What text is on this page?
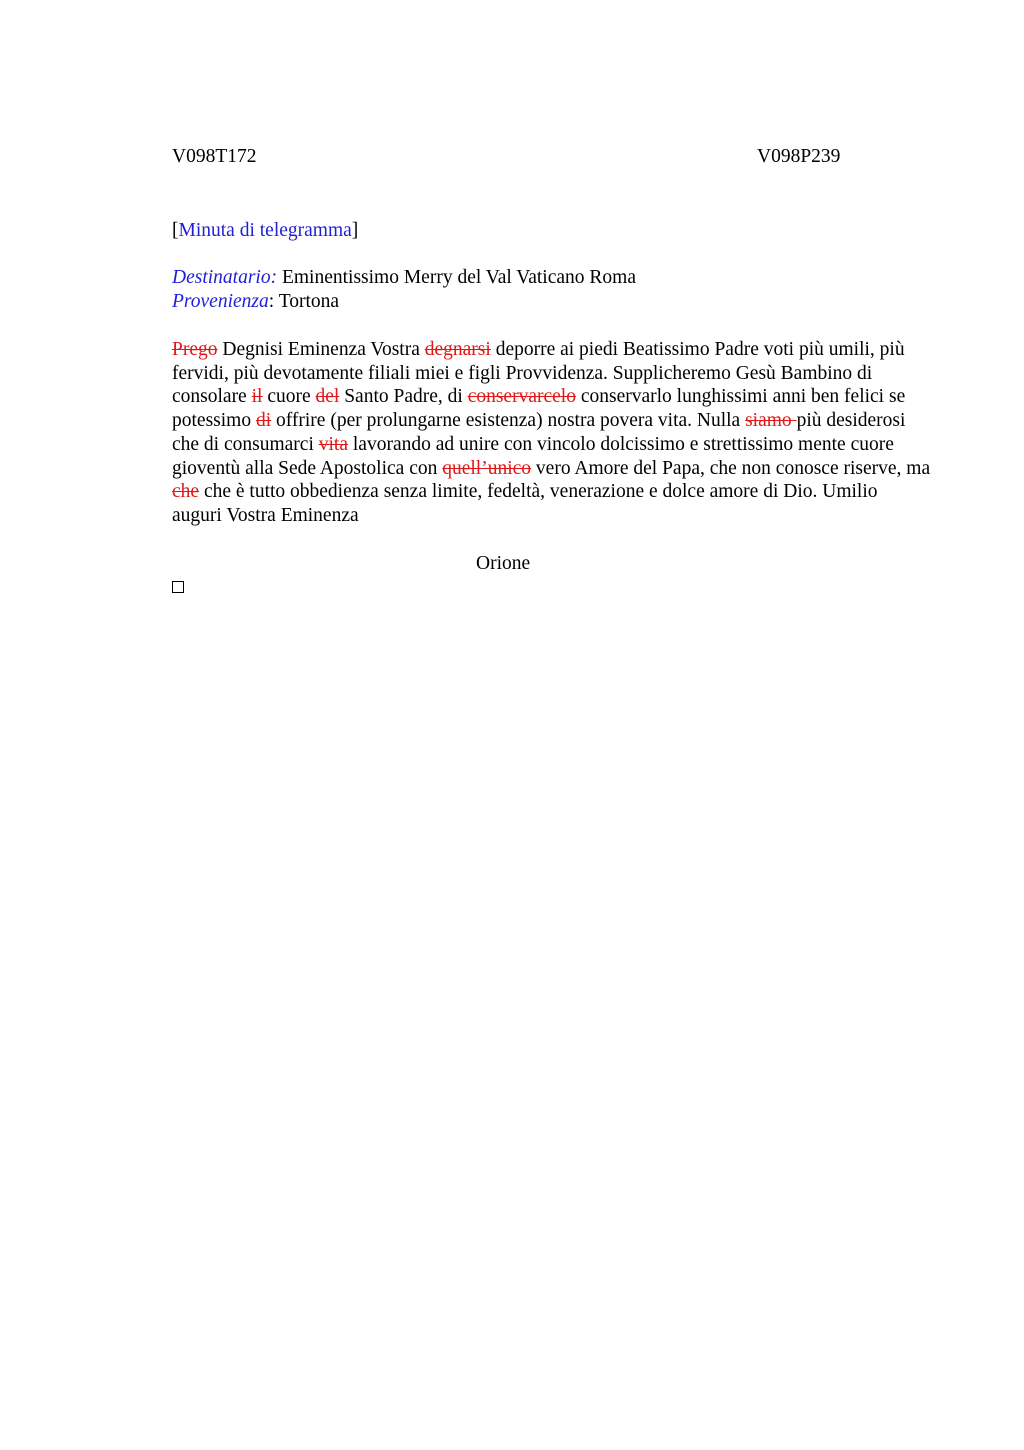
V098T172	V098P239
[Minuta di telegramma]
Destinatario: Eminentissimo Merry del Val Vaticano Roma
Provenienza: Tortona
Prego Degnisi Eminenza Vostra degnarsi deporre ai piedi Beatissimo Padre voti più umili, più fervidi, più devotamente filiali miei e figli Provvidenza. Supplicheremo Gesù Bambino di consolare il cuore del Santo Padre, di conservarcelo conservarlo lunghissimi anni ben felici se potessimo di offrire (per prolungarne esistenza) nostra povera vita. Nulla siamo più desiderosi che di consumarci vita lavorando ad unire con vincolo dolcissimo e strettissimo mente cuore gioventù alla Sede Apostolica con quell’unico vero Amore del Papa, che non conosce riserve, ma che che è tutto obbedienza senza limite, fedeltà, venerazione e dolce amore di Dio. Umilio auguri Vostra Eminenza
Orione
